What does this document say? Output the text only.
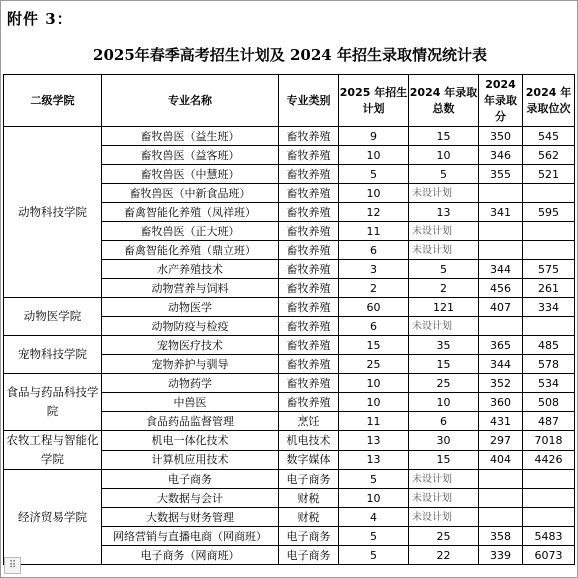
附件 3：
2025年春季高考招生计划及 2024 年招生录取情况统计表
二级学院	专业名称	专业类别	2025 年招生计划	2024 年录取总数	2024 年录取分	2024 年录取位次
动物科技学院	畜牧兽医（益生班）	畜牧养殖	9	15	350	545
	畜牧兽医（益客班）	畜牧养殖	10	10	346	562
	畜牧兽医（中慧班）	畜牧养殖	5	5	355	521
	畜牧兽医（中新食品班）	畜牧养殖	10	未设计划		
	畜禽智能化养殖（凤祥班）	畜牧养殖	12	13	341	595
	畜牧兽医（正大班）	畜牧养殖	11	未设计划		
	畜禽智能化养殖（鼎立班）	畜牧养殖	6	未设计划		
	水产养殖技术	畜牧养殖	3	5	344	575
	动物营养与饲料	畜牧养殖	2	2	456	261
动物医学院	动物医学	畜牧养殖	60	121	407	334
	动物防疫与检疫	畜牧养殖	6	未设计划		
宠物科技学院	宠物医疗技术	畜牧养殖	15	35	365	485
	宠物养护与驯导	畜牧养殖	25	15	344	578
食品与药品科技学院	动物药学	畜牧养殖	10	25	352	534
	中兽医	畜牧养殖	10	10	360	508
	食品药品监督管理	烹饪	11	6	431	487
农牧工程与智能化学院	机电一体化技术	机电技术	13	30	297	7018
	计算机应用技术	数字媒体	13	15	404	4426
经济贸易学院	电子商务	电子商务	5	未设计划		
	大数据与会计	财税	10	未设计划		
	大数据与财务管理	财税	4	未设计划		
	网络营销与直播电商（网商班）	电子商务	5	25	358	5483
	电子商务（网商班）	电子商务	5	22	339	6073
⠿
